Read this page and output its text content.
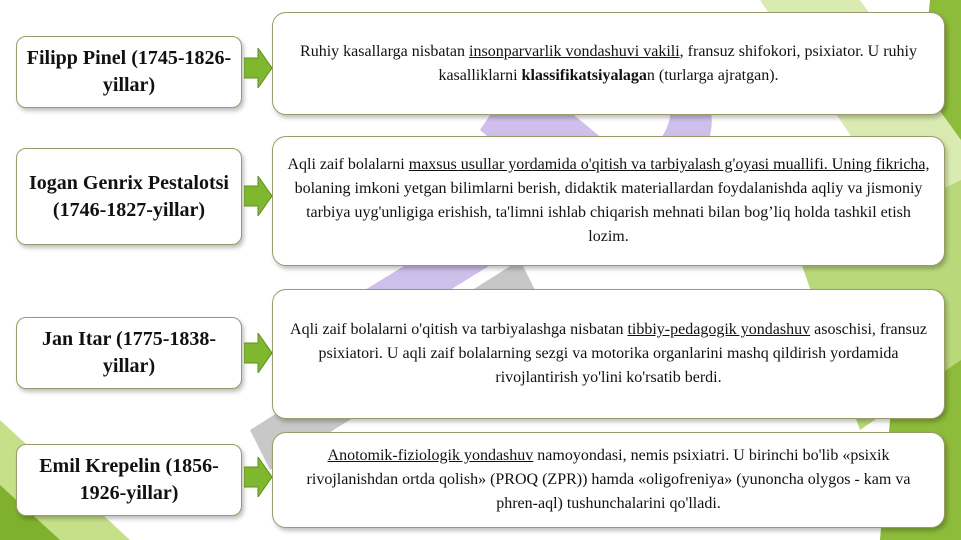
Filipp Pinel (1745-1826-yillar)
Ruhiy kasallarga nisbatan insonparvarlik vondashuvi vakili, fransuz shifokori, psixiator. U ruhiy kasalliklarni klassifikatsiyalagan (turlarga ajratgan).
Iogan Genrix Pestalotsi (1746-1827-yillar)
Aqli zaif bolalarni maxsus usullar yordamida o'qitish va tarbiyalash g'oyasi muallifi. Uning fikricha, bolaning imkoni yetgan bilimlarni berish, didaktik materiallardan foydalanishda aqliy va jismoniy tarbiya uyg'unligiga erishish, ta'limni ishlab chiqarish mehnati bilan bog’liq holda tashkil etish lozim.
Jan Itar (1775-1838-yillar)
Aqli zaif bolalarni o'qitish va tarbiyalashga nisbatan tibbiy-pedagogik yondashuv asoschisi, fransuz psixiatori. U aqli zaif bolalarning sezgi va motorika organlarini mashq qildirish yordamida rivojlantirish yo'lini ko'rsatib berdi.
Emil Krepelin (1856-1926-yillar)
Anotomik-fiziologik yondashuv namoyondasi, nemis psixiatri. U birinchi bo'lib «psixik rivojlanishdan ortda qolish» (PROQ (ZPR)) hamda «oligofreniya» (yunoncha olygos - kam va phren-aql) tushunchalarini qo'lladi.
